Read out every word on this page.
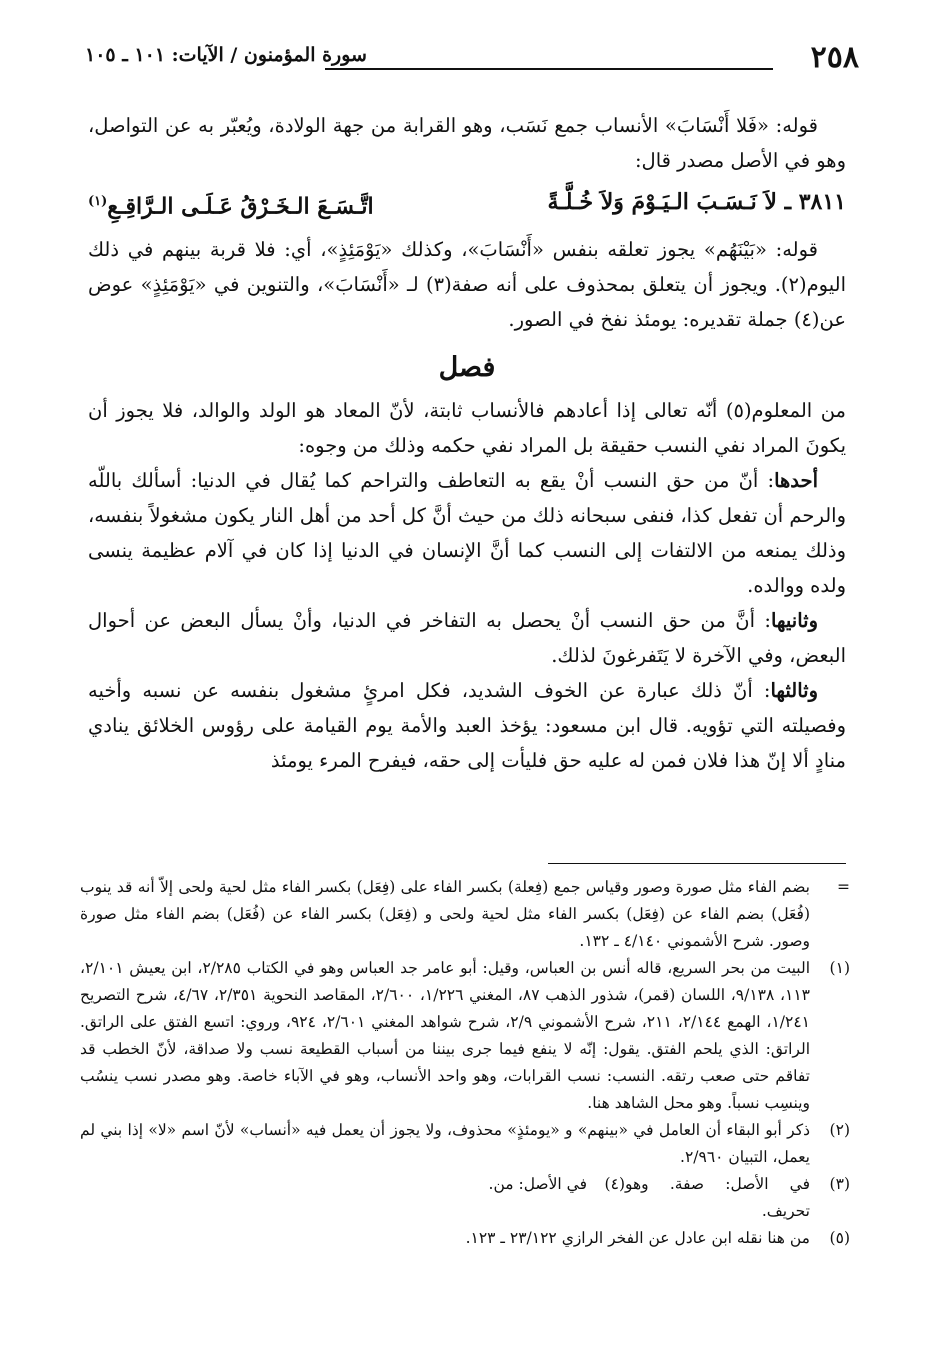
٢٥٨
سورة المؤمنون / الآيات: ١٠١ ـ ١٠٥

قوله: «فَلا أَنْسَابَ» الأنساب جمع نَسَب، وهو القرابة من جهة الولادة، ويُعبّر به عن التواصل، وهو في الأصل مصدر قال:

٣٨١١ ـ لاَ نَـسَـبَ الـيَـوْمَ وَلاَ خُـلَّـةً
اتَّـسَـعَ الـخَـرْقُ عَـلَـى الـرَّاقِـعِ$^{(١)}$

قوله: «بَيْنَهُم» يجوز تعلقه بنفس «أَنْسَابَ»، وكذلك «يَوْمَئِذٍ»، أي: فلا قربة بينهم في ذلك اليوم(٢). ويجوز أن يتعلق بمحذوف على أنه صفة(٣) لـ «أَنْسَابَ»، والتنوين في «يَوْمَئِذٍ» عوض عن(٤) جملة تقديره: يومئذ نفخ في الصور.

فصل

من المعلوم(٥) أنّه تعالى إذا أعادهم فالأنساب ثابتة، لأنّ المعاد هو الولد والوالد، فلا يجوز أن يكونَ المراد نفي النسب حقيقة بل المراد نفي حكمه وذلك من وجوه:

أحدها: أنّ من حق النسب أنْ يقع به التعاطف والتراحم كما يُقال في الدنيا: أسألك باللّه والرحم أن تفعل كذا، فنفى سبحانه ذلك من حيث أنَّ كل أحد من أهل النار يكون مشغولاً بنفسه، وذلك يمنعه من الالتفات إلى النسب كما أنَّ الإنسان في الدنيا إذا كان في آلام عظيمة ينسى ولده ووالده.

وثانيها: أنَّ من حق النسب أنْ يحصل به التفاخر في الدنيا، وأنْ يسأل البعض عن أحوال البعض، وفي الآخرة لا يَتَفرغونَ لذلك.

وثالثها: أنّ ذلك عبارة عن الخوف الشديد، فكل امرئٍ مشغول بنفسه عن نسبه وأخيه وفصيلته التي تؤويه. قال ابن مسعود: يؤخذ العبد والأمة يوم القيامة على رؤوس الخلائق ينادي منادٍ ألا إنّ هذا فلان فمن له عليه حق فليأت إلى حقه، فيفرح المرء يومئذ

=
بضم الفاء مثل صورة وصور وقياس جمع (فِعلة) بكسر الفاء على (فِعَل) بكسر الفاء مثل لحية ولحى إلاّ أنه قد ينوب (فُعَل) بضم الفاء عن (فِعَل) بكسر الفاء مثل لحية ولحى و (فِعَل) بكسر الفاء عن (فُعَل) بضم الفاء مثل صورة وصور. شرح الأشموني ٤/١٤٠ ـ ١٣٢.
(١)
البيت من بحر السريع، قاله أنس بن العباس، وقيل: أبو عامر جد العباس وهو في الكتاب ٢/٢٨٥، ابن يعيش ٢/١٠١، ١١٣، ٩/١٣٨، اللسان (قمر)، شذور الذهب ٨٧، المغني ١/٢٢٦، ٢/٦٠٠، المقاصد النحوية ٢/٣٥١، ٤/٦٧، شرح التصريح ١/٢٤١، الهمع ٢/١٤٤، ٢١١، شرح الأشموني ٢/٩، شرح شواهد المغني ٢/٦٠١، ٩٢٤، وروي: اتسع الفتق على الراتق. الراتق: الذي يلحم الفتق. يقول: إنّه لا ينفع فيما جرى بيننا من أسباب القطيعة نسب ولا صداقة، لأنّ الخطب قد تفاقم حتى صعب رتقه. النسب: نسب القرابات، وهو واحد الأنساب، وهو في الآباء خاصة. وهو مصدر نسب ينسُب وينسِب نسباً. وهو محل الشاهد هنا.
(٢)
ذكر أبو البقاء أن العامل في «بينهم» و «يومئذٍ» محذوف، ولا يجوز أن يعمل فيه «أنساب» لأنّ اسم «لا» إذا بني لم يعمل، التبيان ٢/٩٦٠.
(٣)
في الأصل: صفة. وهو تحريف.
(٤)
في الأصل: من.
(٥)
من هنا نقله ابن عادل عن الفخر الرازي ٢٣/١٢٢ ـ ١٢٣.
